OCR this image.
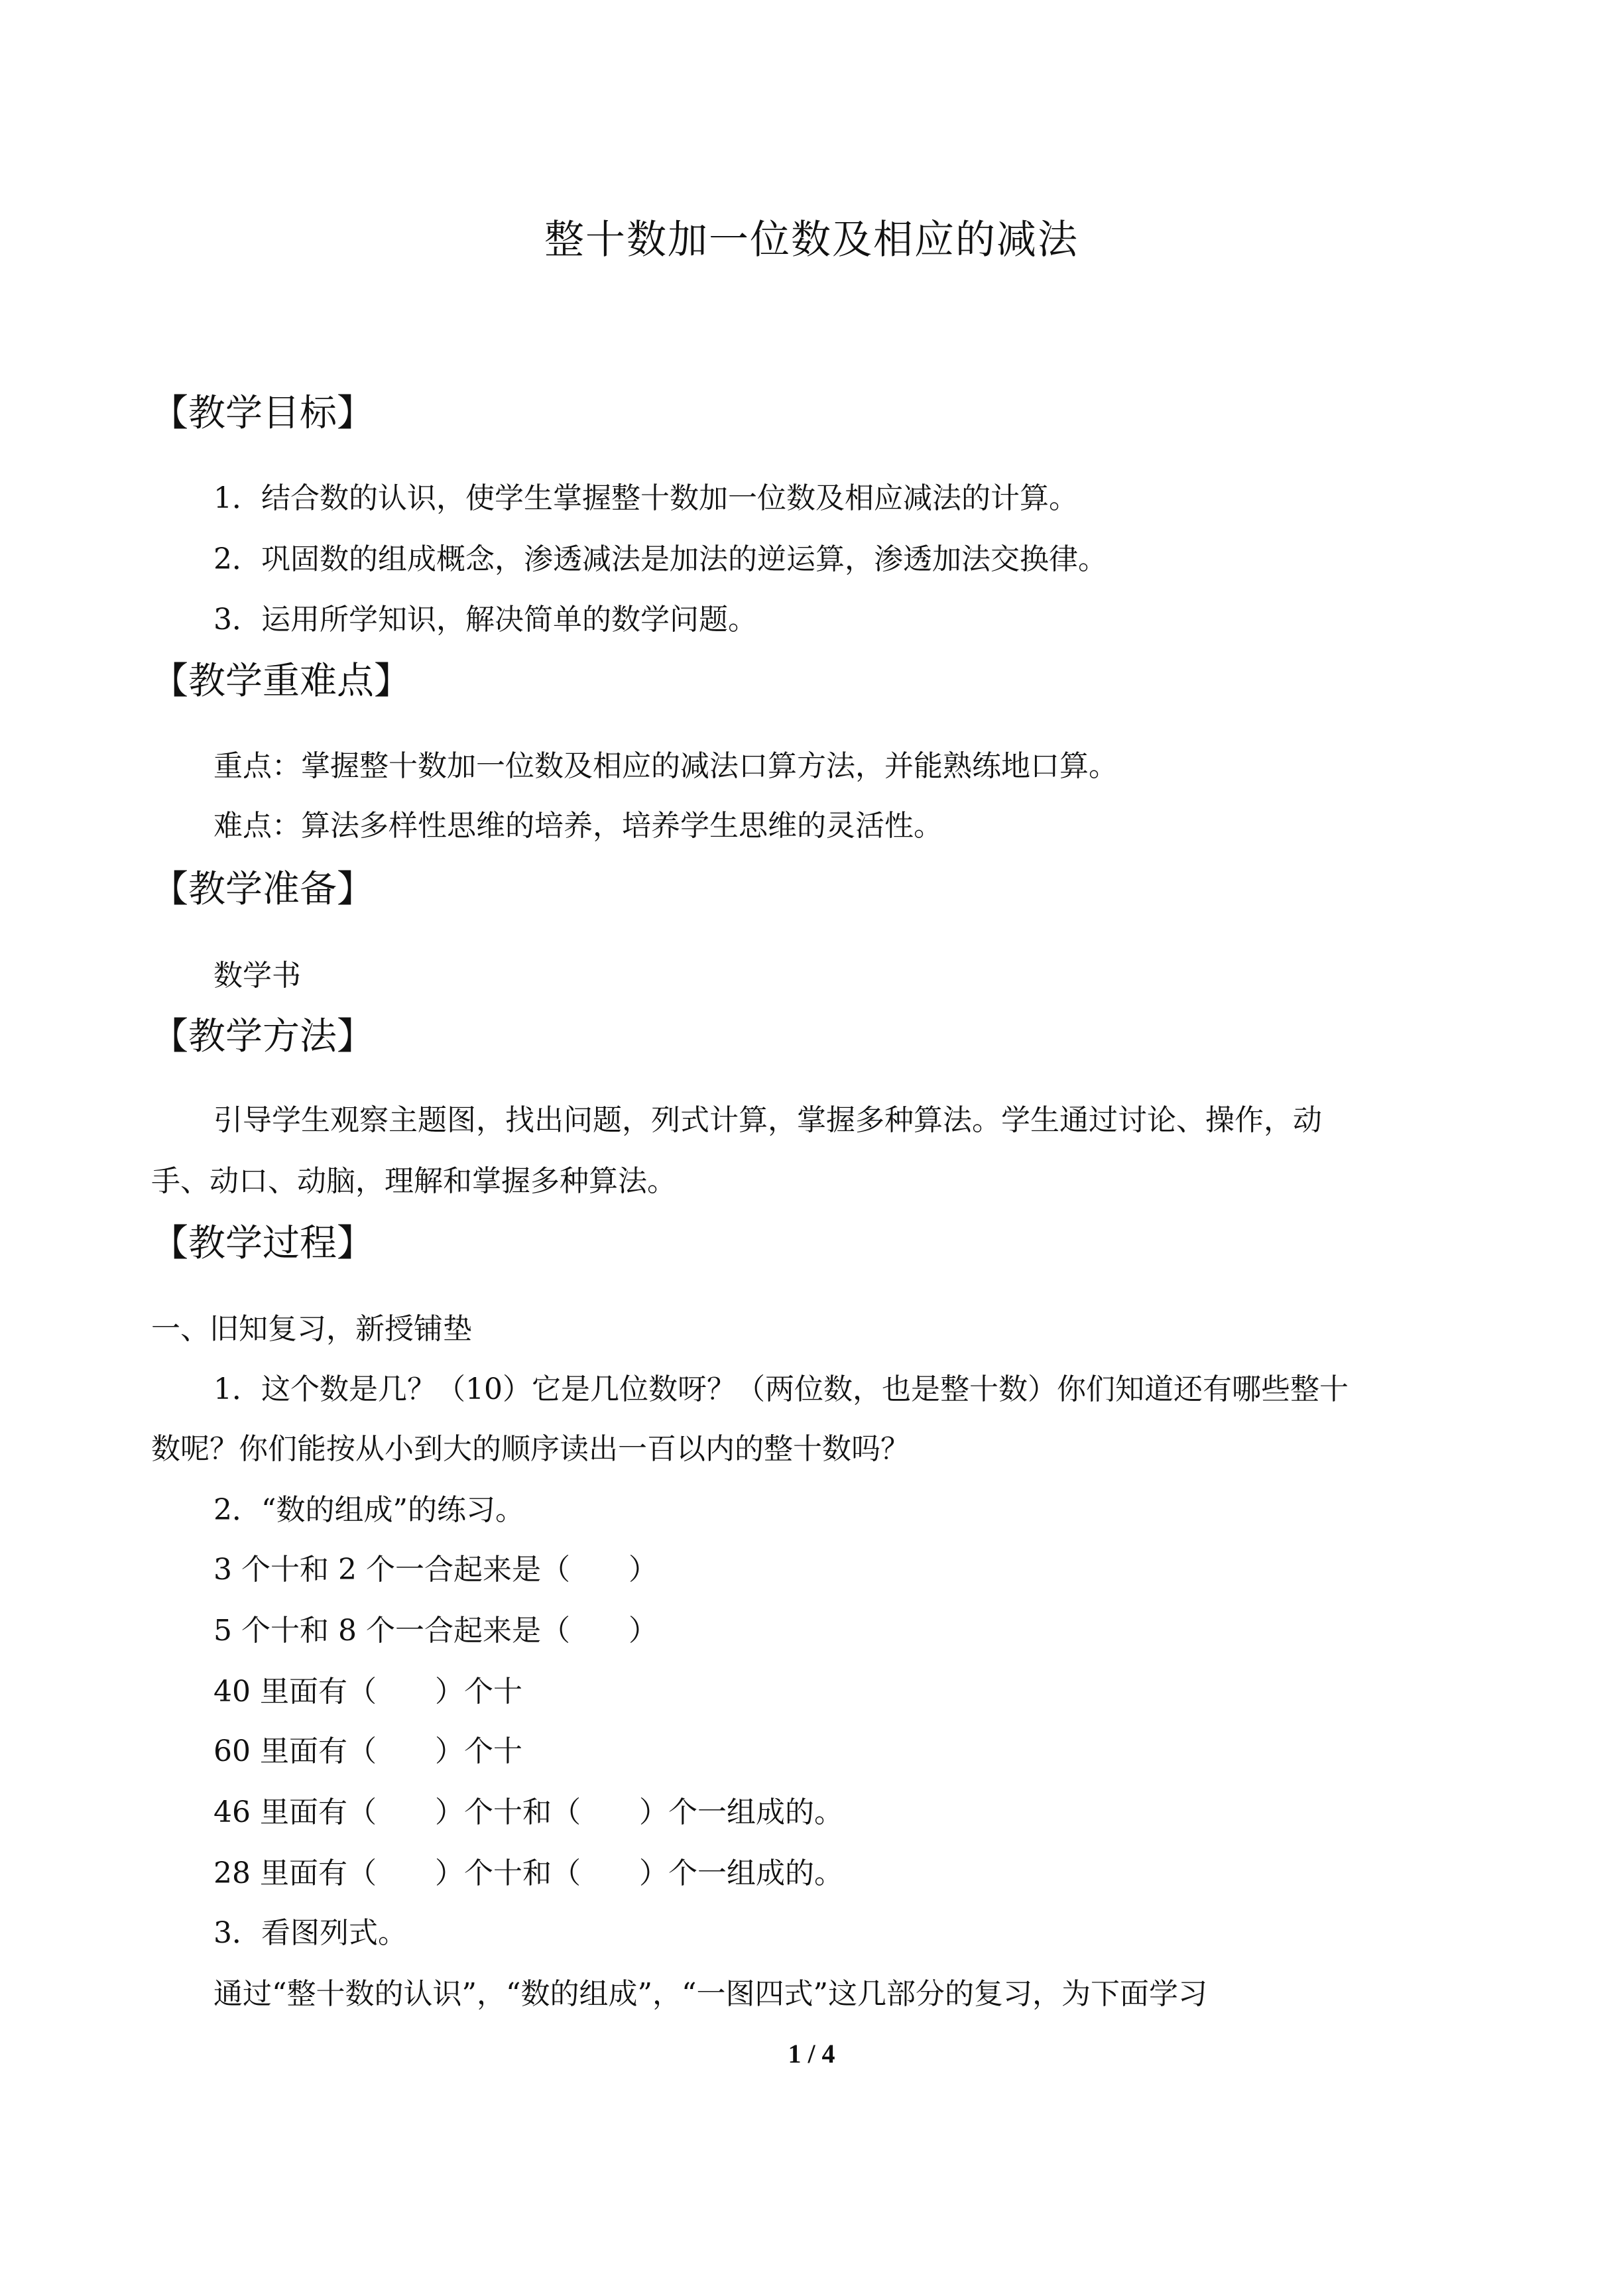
整十数加一位数及相应的减法
【教学目标】
1．结合数的认识，使学生掌握整十数加一位数及相应减法的计算。
2．巩固数的组成概念，渗透减法是加法的逆运算，渗透加法交换律。
3．运用所学知识，解决简单的数学问题。
【教学重难点】
重点：掌握整十数加一位数及相应的减法口算方法，并能熟练地口算。
难点：算法多样性思维的培养，培养学生思维的灵活性。
【教学准备】
数学书
【教学方法】
引导学生观察主题图，找出问题，列式计算，掌握多种算法。学生通过讨论、操作，动
手、动口、动脑，理解和掌握多种算法。
【教学过程】
一、旧知复习，新授铺垫
1．这个数是几？（10）它是几位数呀？（两位数，也是整十数）你们知道还有哪些整十
数呢？你们能按从小到大的顺序读出一百以内的整十数吗？
2．“数的组成”的练习。
3 个十和 2 个一合起来是（　　）
5 个十和 8 个一合起来是（　　）
40 里面有（　　）个十
60 里面有（　　）个十
46 里面有（　　）个十和（　　）个一组成的。
28 里面有（　　）个十和（　　）个一组成的。
3．看图列式。
通过“整十数的认识”，“数的组成”，“一图四式”这几部分的复习，为下面学习
1 / 4
